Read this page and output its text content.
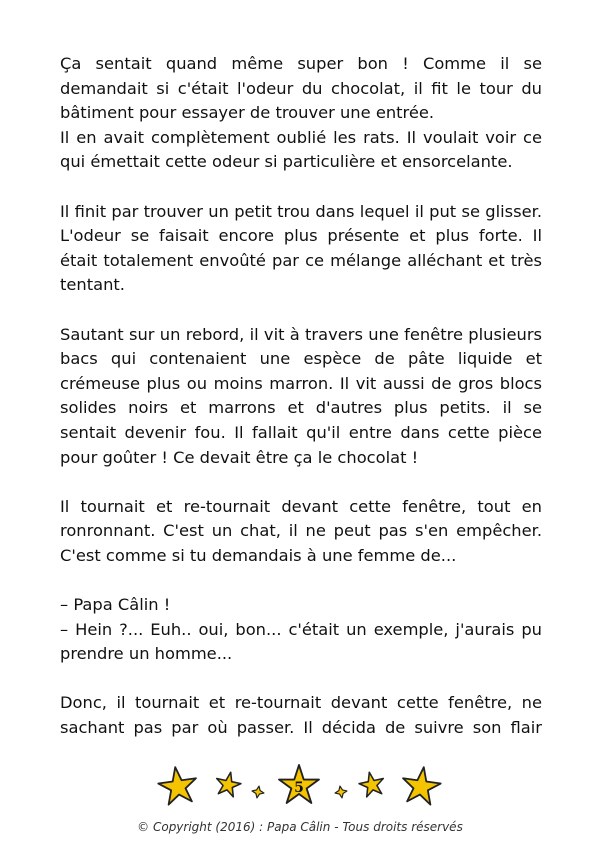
Ça sentait quand même super bon ! Comme il se demandait si c'était l'odeur du chocolat, il fit le tour du bâtiment pour essayer de trouver une entrée.
Il en avait complètement oublié les rats. Il voulait voir ce qui émettait cette odeur si particulière et ensorcelante.

Il finit par trouver un petit trou dans lequel il put se glisser. L'odeur se faisait encore plus présente et plus forte. Il était totalement envoûté par ce mélange alléchant et très tentant.

Sautant sur un rebord, il vit à travers une fenêtre plusieurs bacs qui contenaient une espèce de pâte liquide et crémeuse plus ou moins marron. Il vit aussi de gros blocs solides noirs et marrons et d'autres plus petits. il se sentait devenir fou. Il fallait qu'il entre dans cette pièce pour goûter ! Ce devait être ça le chocolat !

Il tournait et re-tournait devant cette fenêtre, tout en ronronnant. C'est un chat, il ne peut pas s'en empêcher. C'est comme si tu demandais à une femme de...

– Papa Câlin !
– Hein ?... Euh.. oui, bon... c'était un exemple, j'aurais pu prendre un homme...

Donc, il tournait et re-tournait devant cette fenêtre, ne sachant pas par où passer. Il décida de suivre son flair

5
© Copyright (2016) : Papa Câlin - Tous droits réservés
